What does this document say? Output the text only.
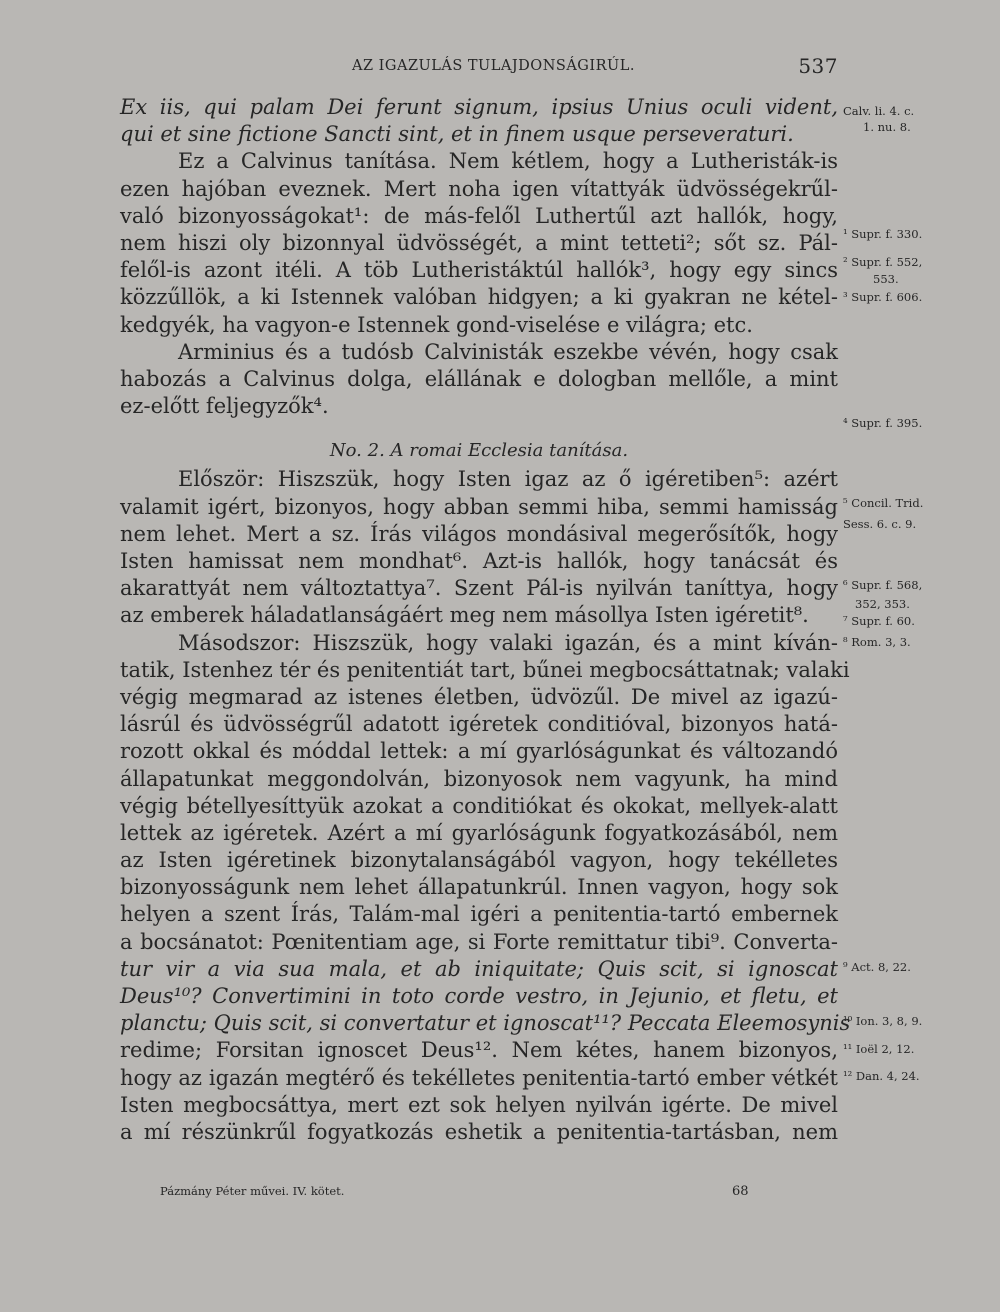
AZ IGAZULÁS TULAJDONSÁGIRÚL.	537
Ex iis, qui palam Dei ferunt signum, ipsius Unius oculi vident,
qui et sine fictione Sancti sint, et in finem usque perseveraturi.
Ez a Calvinus tanítása. Nem kétlem, hogy a Lutheristák-is
ezen hajóban eveznek. Mert noha igen vítattyák üdvösségekrűl-
való bizonyosságokat¹: de más-felől Luthertűl azt hallók, hogy,
nem hiszi oly bizonnyal üdvösségét, a mint tetteti²; sőt sz. Pál-
felől-is azont itéli. A töb Lutheristáktúl hallók³, hogy egy sincs
közzűllök, a ki Istennek valóban hidgyen; a ki gyakran ne kétel-
kedgyék, ha vagyon-e Istennek gond-viselése e világra; etc.
Arminius és a tudósb Calvinisták eszekbe vévén, hogy csak
habozás a Calvinus dolga, elállának e dologban mellőle, a mint
ez-előtt feljegyzők⁴.
No. 2. A romai Ecclesia tanítása.
Először: Hiszszük, hogy Isten igaz az ő igéretiben⁵: azért
valamit igért, bizonyos, hogy abban semmi hiba, semmi hamisság
nem lehet. Mert a sz. Írás világos mondásival megerősítők, hogy
Isten hamissat nem mondhat⁶. Azt-is hallók, hogy tanácsát és
akarattyát nem változtattya⁷. Szent Pál-is nyilván taníttya, hogy
az emberek háladatlanságáért meg nem másollya Isten igéretit⁸.
Másodszor: Hiszszük, hogy valaki igazán, és a mint kíván-
tatik, Istenhez tér és penitentiát tart, bűnei megbocsáttatnak; valaki
végig megmarad az istenes életben, üdvözűl. De mivel az igazú-
lásrúl és üdvösségrűl adatott igéretek conditióval, bizonyos hatá-
rozott okkal és móddal lettek: a mí gyarlóságunkat és változandó
állapatunkat meggondolván, bizonyosok nem vagyunk, ha mind
végig bétellyesíttyük azokat a conditiókat és okokat, mellyek-alatt
lettek az igéretek. Azért a mí gyarlóságunk fogyatkozásából, nem
az Isten igéretinek bizonytalanságából vagyon, hogy tekélletes
bizonyosságunk nem lehet állapatunkrúl. Innen vagyon, hogy sok
helyen a szent Írás, Talám-mal igéri a penitentia-tartó embernek
a bocsánatot: Pœnitentiam age, si Forte remittatur tibi⁹. Converta-
tur vir a via sua mala, et ab iniquitate; Quis scit, si ignoscat
Deus¹⁰? Convertimini in toto corde vestro, in Jejunio, et fletu, et
planctu; Quis scit, si convertatur et ignoscat¹¹? Peccata Eleemosynis
redime; Forsitan ignoscet Deus¹². Nem kétes, hanem bizonyos,
hogy az igazán megtérő és tekélletes penitentia-tartó ember vétkét
Isten megbocsáttya, mert ezt sok helyen nyilván igérte. De mivel
a mí részünkrűl fogyatkozás eshetik a penitentia-tartásban, nem
Calv. li. 4. c.
1. nu. 8.
¹ Supr. f. 330.
² Supr. f. 552,
553.
³ Supr. f. 606.
⁴ Supr. f. 395.
⁵ Concil. Trid.
Sess. 6. c. 9.
⁶ Supr. f. 568,
352, 353.
⁷ Supr. f. 60.
⁸ Rom. 3, 3.
⁹ Act. 8, 22.
¹⁰ Ion. 3, 8, 9.
¹¹ Ioël 2, 12.
¹² Dan. 4, 24.
Pázmány Péter művei. IV. kötet.	68
